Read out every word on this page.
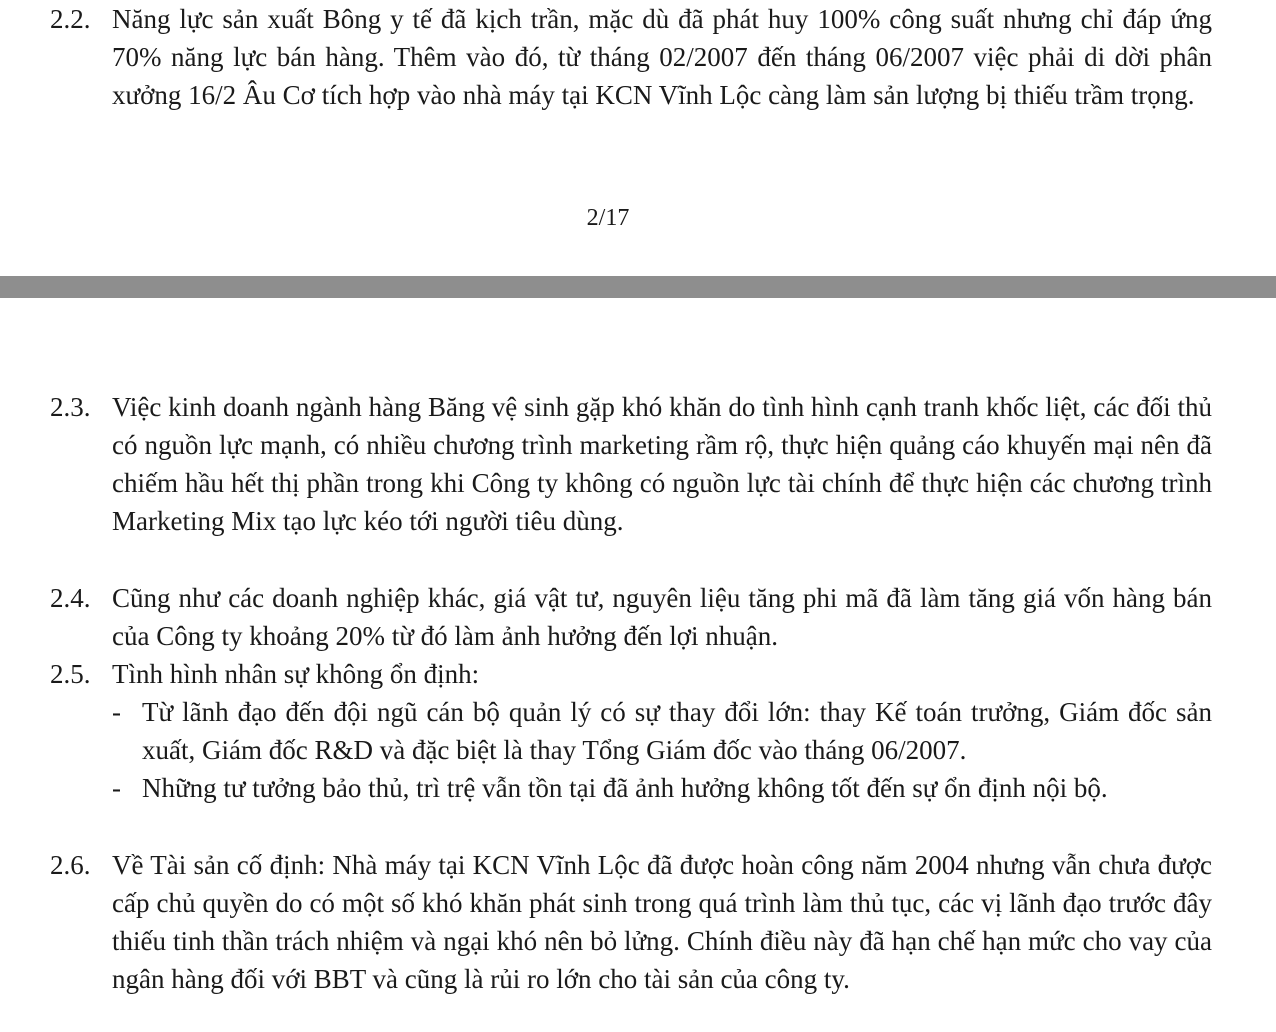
2.2. Năng lực sản xuất Bông y tế đã kịch trần, mặc dù đã phát huy 100% công suất nhưng chỉ đáp ứng 70% năng lực bán hàng. Thêm vào đó, từ tháng 02/2007 đến tháng 06/2007 việc phải di dời phân xưởng 16/2 Âu Cơ tích hợp vào nhà máy tại KCN Vĩnh Lộc càng làm sản lượng bị thiếu trầm trọng.
2/17
2.3. Việc kinh doanh ngành hàng Băng vệ sinh gặp khó khăn do tình hình cạnh tranh khốc liệt, các đối thủ có nguồn lực mạnh, có nhiều chương trình marketing rầm rộ, thực hiện quảng cáo khuyến mại nên đã chiếm hầu hết thị phần trong khi Công ty không có nguồn lực tài chính để thực hiện các chương trình Marketing Mix tạo lực kéo tới người tiêu dùng.
2.4. Cũng như các doanh nghiệp khác, giá vật tư, nguyên liệu tăng phi mã đã làm tăng giá vốn hàng bán của Công ty khoảng 20% từ đó làm ảnh hưởng đến lợi nhuận.
2.5. Tình hình nhân sự không ổn định:
- Từ lãnh đạo đến đội ngũ cán bộ quản lý có sự thay đổi lớn: thay Kế toán trưởng, Giám đốc sản xuất, Giám đốc R&D và đặc biệt là thay Tổng Giám đốc vào tháng 06/2007.
- Những tư tưởng bảo thủ, trì trệ vẫn tồn tại đã ảnh hưởng không tốt đến sự ổn định nội bộ.
2.6. Về Tài sản cố định: Nhà máy tại KCN Vĩnh Lộc đã được hoàn công năm 2004 nhưng vẫn chưa được cấp chủ quyền do có một số khó khăn phát sinh trong quá trình làm thủ tục, các vị lãnh đạo trước đây thiếu tinh thần trách nhiệm và ngại khó nên bỏ lửng. Chính điều này đã hạn chế hạn mức cho vay của ngân hàng đối với BBT và cũng là rủi ro lớn cho tài sản của công ty.
